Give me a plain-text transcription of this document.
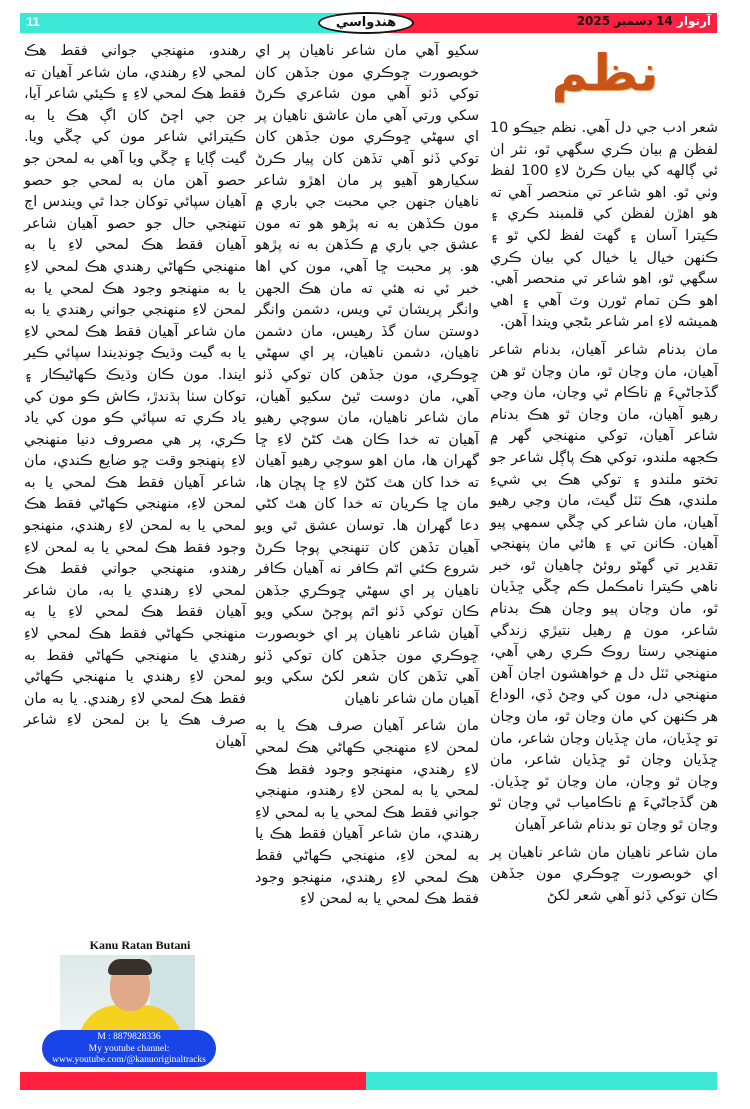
11	آرتوار 14 ڊسمبر 2025
هندواسي
نظم

شعر ادب جي دل آهي. نظم جيڪو 10 لفظن ۾ بيان ڪري سگهي ٿو، نثر ان ئي ڳالهه کي بيان ڪرڻ لاءِ 100 لفظ وٺي ٿو. اهو شاعر تي منحصر آهي ته هو اهڙن لفظن کي قلمبند ڪري ۽ ڪيترا آسان ۽ گهٽ لفظ لکي ٿو ۽ ڪنهن خيال يا خيال کي بيان ڪري سگهي ٿو، اهو شاعر تي منحصر آهي. اهو ڪن تمام ٿورن وٽ آهي ۽ اهي هميشه لاءِ امر شاعر بڻجي ويندا آهن.

مان بدنام شاعر آهيان، بدنام شاعر آهيان، مان وڃان ٿو، مان وڃان ٿو هن گڏجاڻيءَ ۾ ناڪام ٿي وڃان، مان وڃي رهيو آهيان، مان وڃان ٿو هڪ بدنام شاعر آهيان، توکي منهنجي گهر ۾ ڪجهه ملندو، توکي هڪ پاڳل شاعر جو تختو ملندو ۽ توکي هڪ بي شيءِ ملندي، هڪ ٽٽل گيٽ، مان وڃي رهيو آهيان، مان شاعر کي چڱي سمهي پيو آهيان. ڪانن تي ۽ هائي مان پنهنجي تقدير تي گهڻو روئڻ چاهيان ٿو، خبر ناهي ڪيترا نامڪمل ڪم چڱي ڇڏيان ٿو، مان وڃان پيو وڃان هڪ بدنام شاعر، مون ۾ رهيل نتيڙي زندگي منهنجي رستا روڪ ڪري رهي آهي، منهنجي ٽٽل دل ۾ خواهشون اڃان آهن منهنجي دل، مون کي وڃڻ ڏي، الوداع هر ڪنهن کي مان وڃان ٿو، مان وڃان تو ڇڏيان، مان ڇڏيان وڃان شاعر، مان ڇڏيان وڃان ٿو ڇڏيان شاعر، مان وڃان ٿو وڃان، مان وڃان ٿو ڇڏيان. هن گڏجاڻيءَ ۾ ناڪامياب ٿي وڃان ٿو وڃان ٿو وڃان تو بدنام شاعر آهيان

مان شاعر ناهيان مان شاعر ناهيان پر اي خوبصورت ڇوڪري مون جڏهن ڪان توکي ڏٺو آهي شعر لکڻ

سکيو آهي مان شاعر ناهيان پر اي خوبصورت ڇوڪري مون جڏهن کان توکي ڏٺو آهي مون شاعري ڪرڻ سکي ورتي آهي مان عاشق ناهيان پر اي سهڻي ڇوڪري مون جڏهن کان توکي ڏٺو آهي تڏهن کان پيار ڪرڻ سکيارهو آهيو پر مان اهڙو شاعر ناهيان جنهن جي محبت جي باري ۾ مون ڪڏهن به نه پڙهو هو ته مون عشق جي باري ۾ ڪڏهن به نه پڙهو هو. پر محبت ڇا آهي، مون کي اها خبر ئي نه هئي ته مان هڪ الجهن وانگر پريشان ٿي ويس، دشمن وانگر دوستن سان گڏ رهيس، مان دشمن ناهيان، دشمن ناهيان، پر اي سهڻي ڇوڪري، مون جڏهن کان توکي ڏٺو آهي، مان دوست ٿيڻ سکيو آهيان، مان شاعر ناهيان، مان سوچي رهيو آهيان ته خدا ڪان هٿ کڻڻ لاءِ ڇا گهران ها، مان اهو سوچي رهيو آهيان ته خدا کان هٿ کڻڻ لاءِ ڇا پڇان ها، مان ڇا ڪريان ته خدا کان هٿ کڻي دعا گهران ها. توسان عشق ٿي ويو آهيان تڏهن کان تنهنجي پوڄا ڪرڻ شروع ڪئي اٿم ڪافر نه آهيان ڪافر ناهيان پر اي سهڻي ڇوڪري جڏهن ڪان توکي ڏٺو اٿم پوڄڻ سکي ويو آهيان شاعر ناهيان پر اي خوبصورت ڇوڪري مون جڏهن کان توکي ڏٺو آهي تڏهن کان شعر لکڻ سکي ويو آهيان مان شاعر ناهيان

مان شاعر آهيان صرف هڪ يا به لمحن لاءِ منهنجي ڪهاڻي هڪ لمحي لاءِ رهندي، منهنجو وجود فقط هڪ لمحي يا به لمحن لاءِ رهندو، منهنجي جواني فقط هڪ لمحي يا به لمحي لاءِ رهندي، مان شاعر آهيان فقط هڪ يا به لمحن لاءِ، منهنجي ڪهاڻي فقط هڪ لمحي لاءِ رهندي، منهنجو وجود فقط هڪ لمحي يا به لمحن لاءِ

رهندو، منهنجي جواني فقط هڪ لمحي لاءِ رهندي، مان شاعر آهيان ته فقط هڪ لمحي لاءِ ۽ ڪيئي شاعر آيا، جن جي اچڻ کان اڳ هڪ يا به ڪيترائي شاعر مون کي چڱي ويا. گيت ڳايا ۽ چڱي ويا آهي به لمحن جو حصو آهن مان به لمحي جو حصو آهيان سپائي توکان جدا ٿي ويندس اڄ تنهنجي حال جو حصو آهيان شاعر آهيان فقط هڪ لمحي لاءِ يا به منهنجي ڪهاڻي رهندي هڪ لمحي لاءِ يا به منهنجو وجود هڪ لمحي يا به لمحن لاءِ منهنجي جواني رهندي يا به مان شاعر آهيان فقط هڪ لمحي لاءِ يا به گيت وڌيڪ چونڊيندا سپائي ڪير ايندا. مون ڪان وڌيڪ ڪهاڻيڪار ۽ توکان سٺا ٻڌندڙ، ڪاش ڪو مون کي ياد ڪري ته سپائي ڪو مون کي ياد ڪري، پر هي مصروف دنيا منهنجي لاءِ پنهنجو وقت ڇو ضايع ڪندي، مان شاعر آهيان فقط هڪ لمحي يا به لمحن لاءِ، منهنجي ڪهاڻي فقط هڪ لمحي يا به لمحن لاءِ رهندي، منهنجو وجود فقط هڪ لمحي يا به لمحن لاءِ رهندو، منهنجي جواني فقط هڪ لمحي لاءِ رهندي يا به، مان شاعر آهيان فقط هڪ لمحي لاءِ يا به منهنجي ڪهاڻي فقط هڪ لمحي لاءِ رهندي يا منهنجي ڪهاڻي فقط به لمحن لاءِ رهندي يا منهنجي ڪهاڻي فقط هڪ لمحي لاءِ رهندي. يا به مان صرف هڪ يا بن لمحن لاءِ شاعر آهيان

Kanu Ratan Butani
M : 8879828336
My youtube channel:
www.youtube.com/@kanuoriginaltracks
